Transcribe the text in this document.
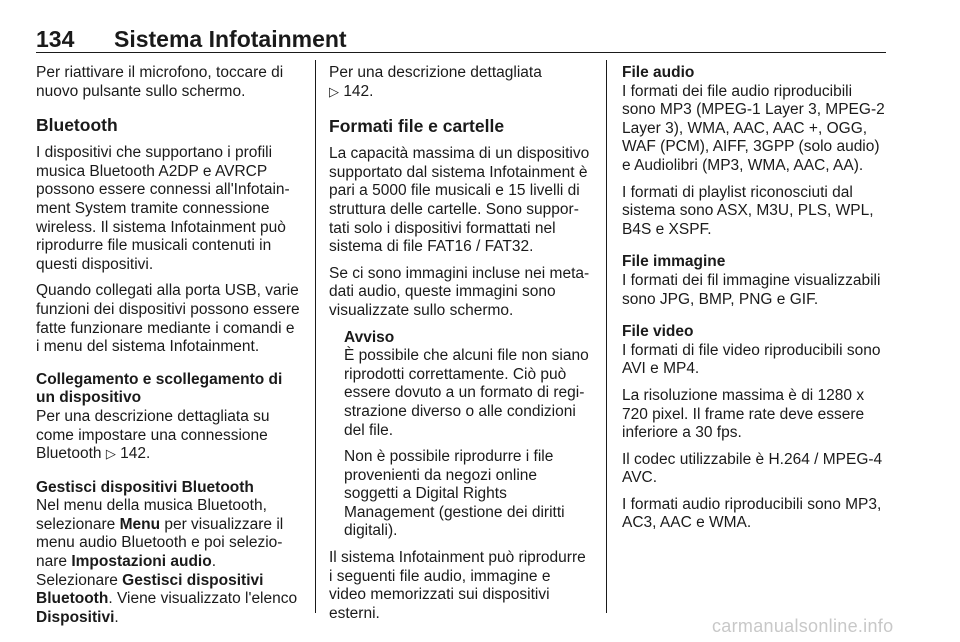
134 Sistema Infotainment

Per riattivare il microfono, toccare di nuovo pulsante sullo schermo.

Bluetooth

I dispositivi che supportano i profili musica Bluetooth A2DP e AVRCP possono essere connessi all'Infotainment System tramite connessione wireless. Il sistema Infotainment può riprodurre file musicali contenuti in questi dispositivi.

Quando collegati alla porta USB, varie funzioni dei dispositivi possono essere fatte funzionare mediante i comandi e i menu del sistema Infotainment.

Collegamento e scollegamento di un dispositivo

Per una descrizione dettagliata su come impostare una connessione Bluetooth ▷ 142.

Gestisci dispositivi Bluetooth

Nel menu della musica Bluetooth, selezionare Menu per visualizzare il menu audio Bluetooth e poi selezionare Impostazioni audio. Selezionare Gestisci dispositivi Bluetooth. Viene visualizzato l'elenco Dispositivi.

Per una descrizione dettagliata
▷ 142.

Formati file e cartelle

La capacità massima di un dispositivo supportato dal sistema Infotainment è pari a 5000 file musicali e 15 livelli di struttura delle cartelle. Sono supportati solo i dispositivi formattati nel sistema di file FAT16 / FAT32.

Se ci sono immagini incluse nei metadati audio, queste immagini sono visualizzate sullo schermo.

Avviso

È possibile che alcuni file non siano riprodotti correttamente. Ciò può essere dovuto a un formato di registrazione diverso o alle condizioni del file.

Non è possibile riprodurre i file provenienti da negozi online soggetti a Digital Rights Management (gestione dei diritti digitali).

Il sistema Infotainment può riprodurre i seguenti file audio, immagine e video memorizzati sui dispositivi esterni.

File audio

I formati dei file audio riproducibili sono MP3 (MPEG-1 Layer 3, MPEG-2 Layer 3), WMA, AAC, AAC +, OGG, WAF (PCM), AIFF, 3GPP (solo audio) e Audiolibri (MP3, WMA, AAC, AA).

I formati di playlist riconosciuti dal sistema sono ASX, M3U, PLS, WPL, B4S e XSPF.

File immagine

I formati dei fil immagine visualizzabili sono JPG, BMP, PNG e GIF.

File video

I formati di file video riproducibili sono AVI e MP4.

La risoluzione massima è di 1280 x 720 pixel. Il frame rate deve essere inferiore a 30 fps.

Il codec utilizzabile è H.264 / MPEG-4 AVC.

I formati audio riproducibili sono MP3, AC3, AAC e WMA.

carmanualsonline.info
